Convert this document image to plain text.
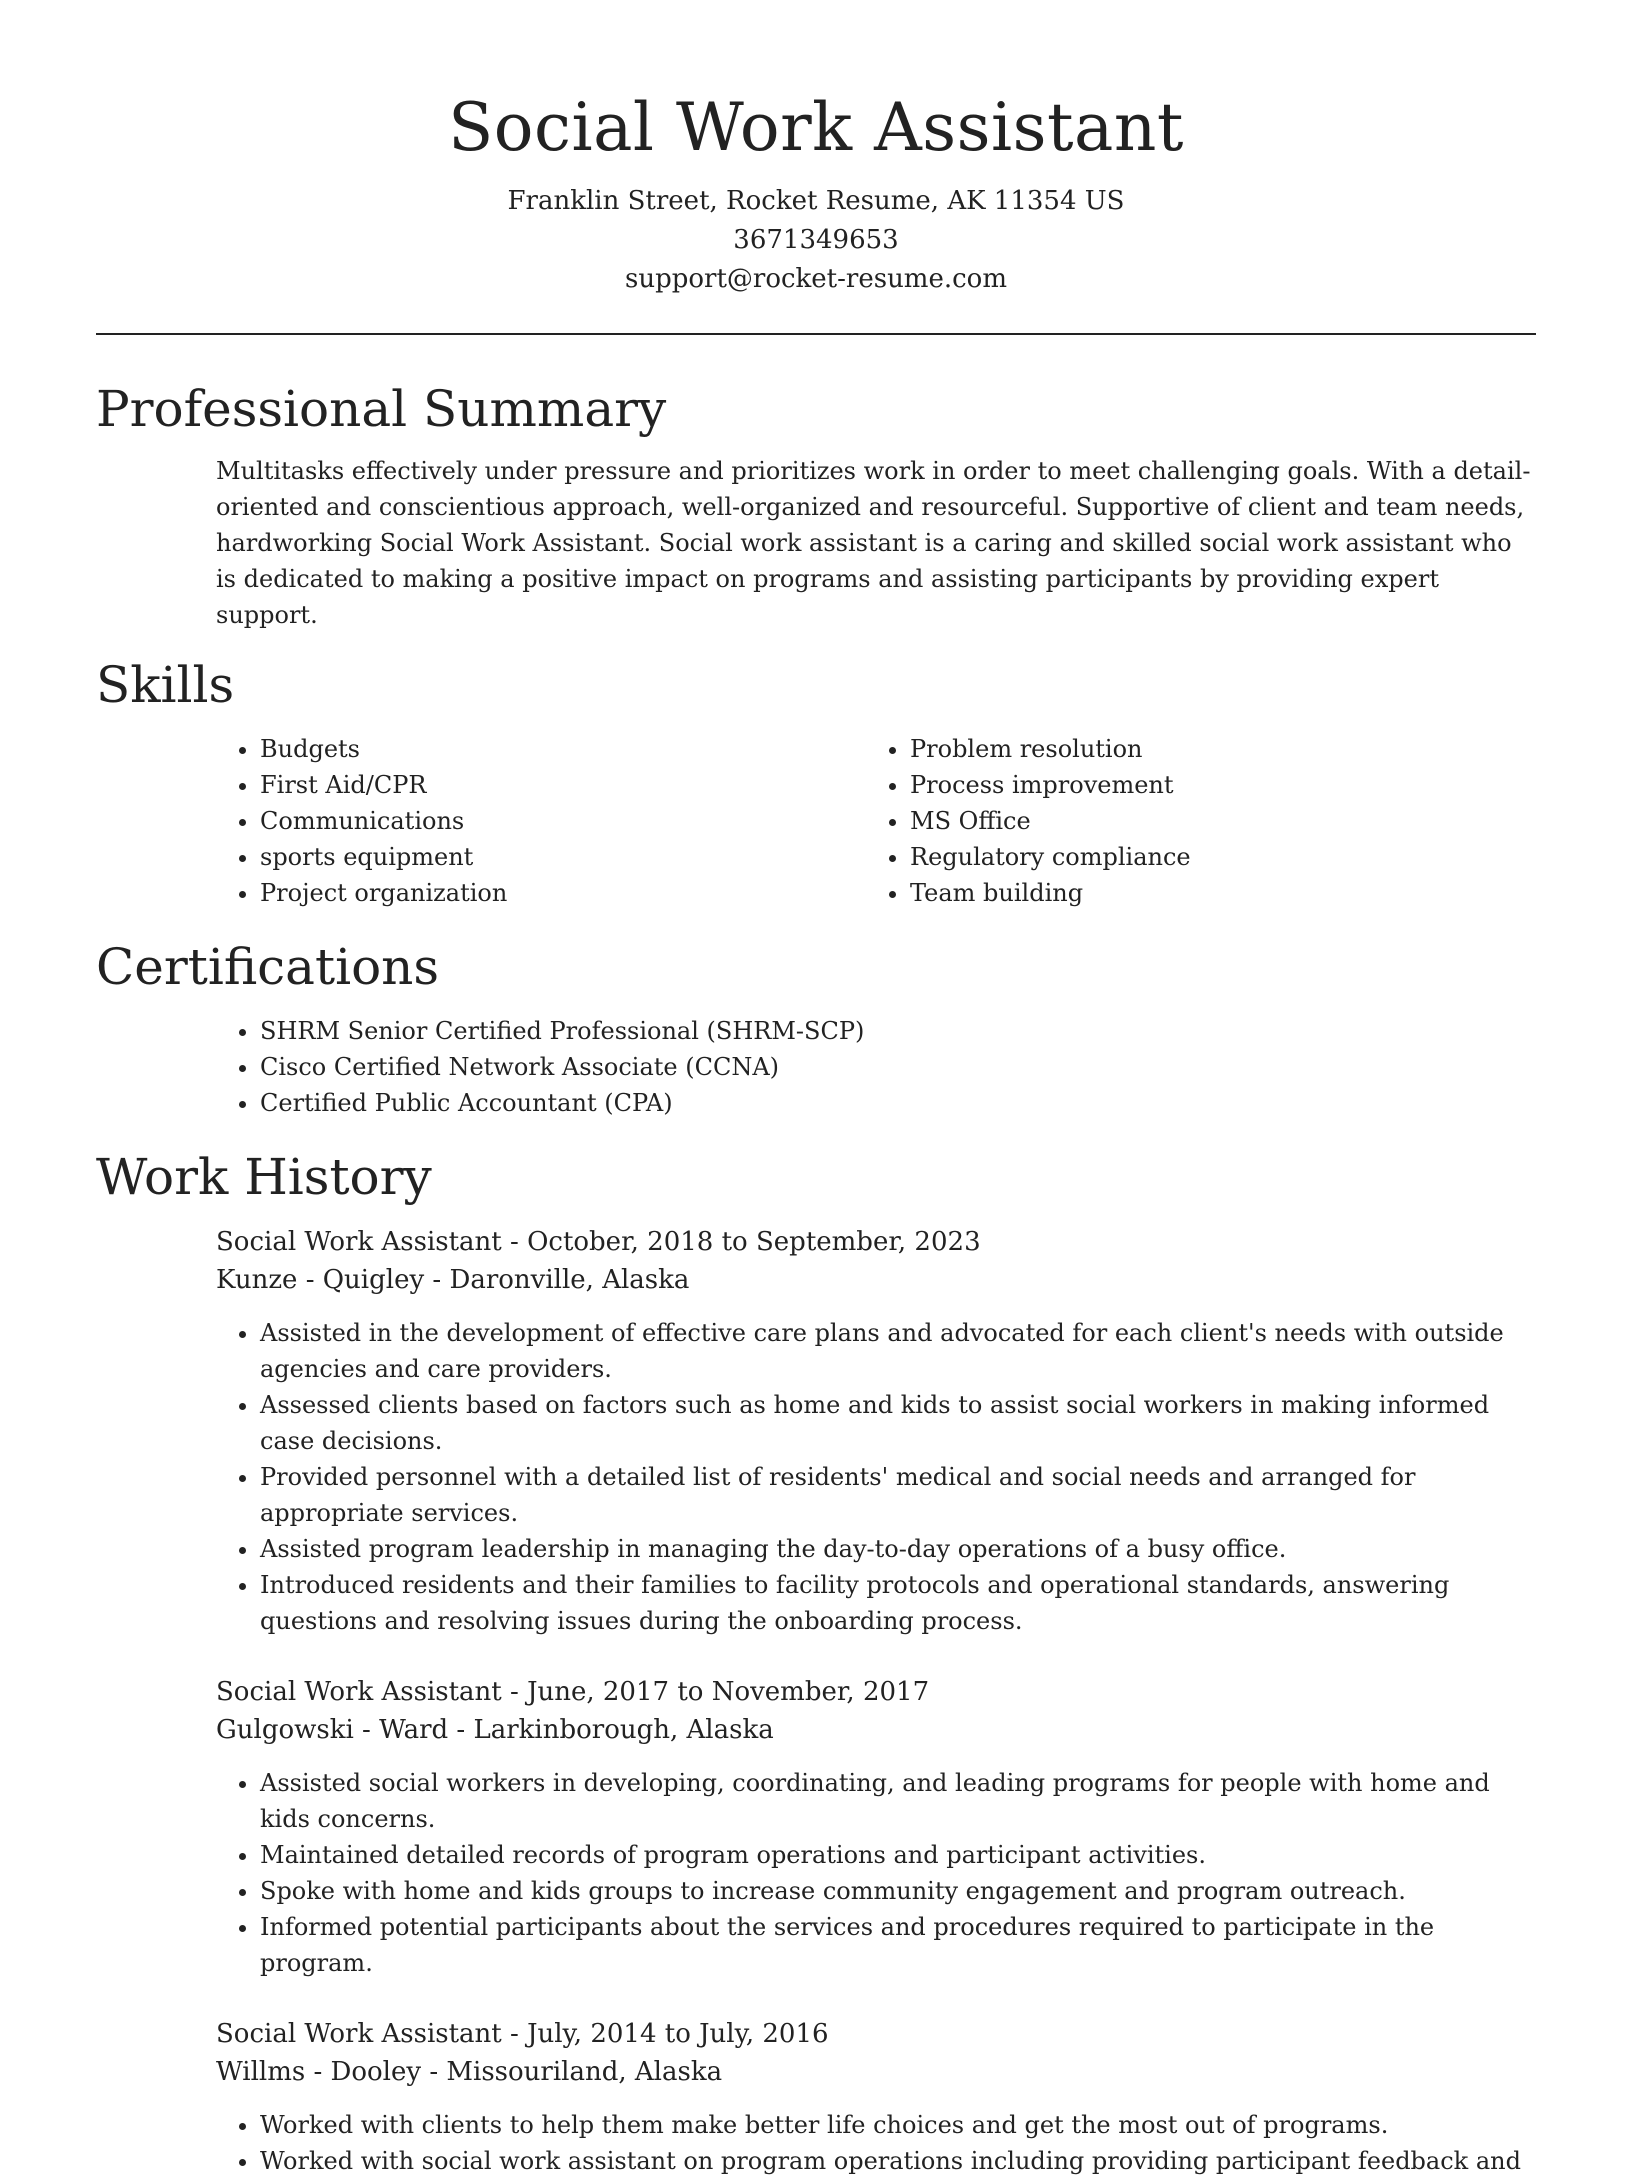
Social Work Assistant
Franklin Street, Rocket Resume, AK 11354 US
3671349653
support@rocket-resume.com
Professional Summary

Multitasks effectively under pressure and prioritizes work in order to meet challenging goals. With a detail-oriented and conscientious approach, well-organized and resourceful. Supportive of client and team needs, hardworking Social Work Assistant. Social work assistant is a caring and skilled social work assistant who is dedicated to making a positive impact on programs and assisting participants by providing expert support.

Skills
• Budgets
• First Aid/CPR
• Communications
• sports equipment
• Project organization
• Problem resolution
• Process improvement
• MS Office
• Regulatory compliance
• Team building
Certifications
• SHRM Senior Certified Professional (SHRM-SCP)
• Cisco Certified Network Associate (CCNA)
• Certified Public Accountant (CPA)
Work History
Social Work Assistant - October, 2018 to September, 2023
Kunze - Quigley - Daronville, Alaska
• Assisted in the development of effective care plans and advocated for each client's needs with outside agencies and care providers.
• Assessed clients based on factors such as home and kids to assist social workers in making informed case decisions.
• Provided personnel with a detailed list of residents' medical and social needs and arranged for appropriate services.
• Assisted program leadership in managing the day-to-day operations of a busy office.
• Introduced residents and their families to facility protocols and operational standards, answering questions and resolving issues during the onboarding process.
Social Work Assistant - June, 2017 to November, 2017
Gulgowski - Ward - Larkinborough, Alaska
• Assisted social workers in developing, coordinating, and leading programs for people with home and kids concerns.
• Maintained detailed records of program operations and participant activities.
• Spoke with home and kids groups to increase community engagement and program outreach.
• Informed potential participants about the services and procedures required to participate in the program.
Social Work Assistant - July, 2014 to July, 2016
Willms - Dooley - Missouriland, Alaska
• Worked with clients to help them make better life choices and get the most out of programs.
• Worked with social work assistant on program operations including providing participant feedback and
